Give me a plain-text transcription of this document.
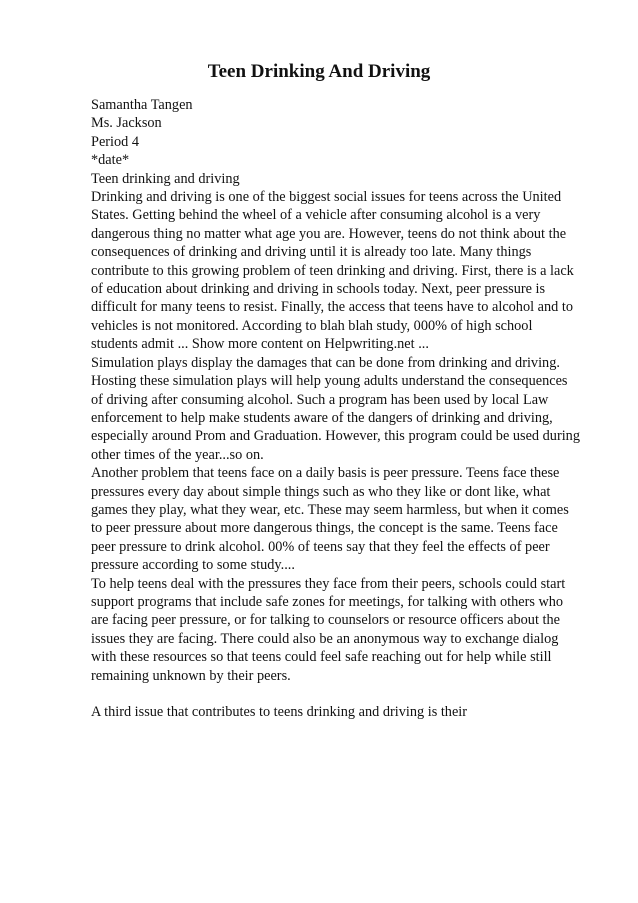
Teen Drinking And Driving
Samantha Tangen
Ms. Jackson
Period 4
*date*
Teen drinking and driving
Drinking and driving is one of the biggest social issues for teens across the United
States. Getting behind the wheel of a vehicle after consuming alcohol is a very
dangerous thing no matter what age you are. However, teens do not think about the
consequences of drinking and driving until it is already too late. Many things
contribute to this growing problem of teen drinking and driving. First, there is a lack
of education about drinking and driving in schools today. Next, peer pressure is
difficult for many teens to resist. Finally, the access that teens have to alcohol and to
vehicles is not monitored. According to blah blah study, 000% of high school
students admit ... Show more content on Helpwriting.net ...
Simulation plays display the damages that can be done from drinking and driving.
Hosting these simulation plays will help young adults understand the consequences
of driving after consuming alcohol. Such a program has been used by local Law
enforcement to help make students aware of the dangers of drinking and driving,
especially around Prom and Graduation. However, this program could be used during
other times of the year...so on.
Another problem that teens face on a daily basis is peer pressure. Teens face these
pressures every day about simple things such as who they like or dont like, what
games they play, what they wear, etc. These may seem harmless, but when it comes
to peer pressure about more dangerous things, the concept is the same. Teens face
peer pressure to drink alcohol. 00% of teens say that they feel the effects of peer
pressure according to some study....
To help teens deal with the pressures they face from their peers, schools could start
support programs that include safe zones for meetings, for talking with others who
are facing peer pressure, or for talking to counselors or resource officers about the
issues they are facing. There could also be an anonymous way to exchange dialog
with these resources so that teens could feel safe reaching out for help while still
remaining unknown by their peers.
A third issue that contributes to teens drinking and driving is their
